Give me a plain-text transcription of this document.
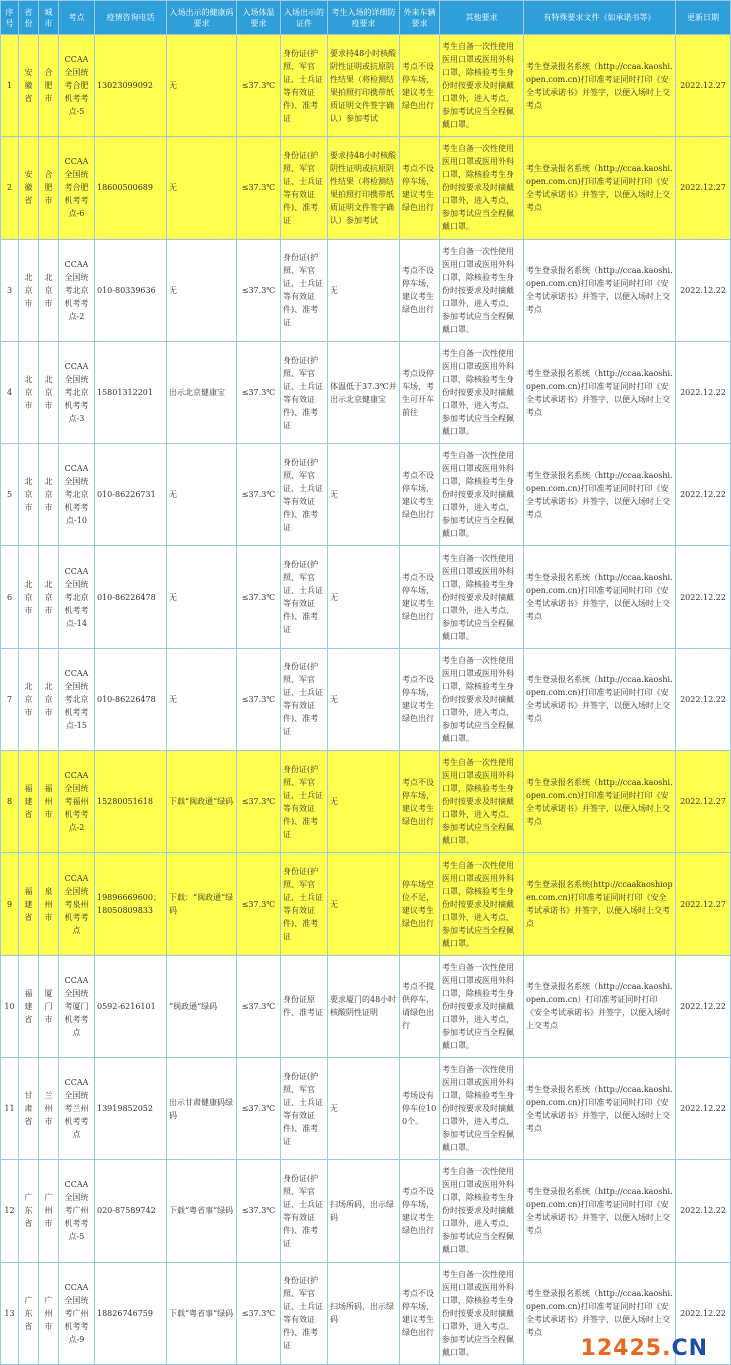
序号	省份	城市	考点	疫情咨询电话	入场出示的健康码要求	入场体温要求	入场出示的证件	考生入场的详细防疫要求	外来车辆要求	其他要求	有特殊要求文件（如承诺书等）	更新日期
1	安徽省	合肥市	CCAA全国统考合肥机考考点-5	13023099092	无	≤37.3℃	身份证(护照、军官证、士兵证等有效证件)、准考证	要求持48小时核酸阴性证明或抗原阴性结果（将检测结果拍照打印携带纸质证明文件签字确认）参加考试	考点不设停车场，建议考生绿色出行	考生自备一次性使用医用口罩或医用外科口罩，除核验考生身份时按要求及时摘戴口罩外，进入考点、参加考试应当全程佩戴口罩。	考生登录报名系统（http://ccaa.kaoshi.open.com.cn)打印准考证同时打印《安全考试承诺书》并签字，以便入场时上交考点	2022.12.27
2	安徽省	合肥市	CCAA全国统考合肥机考考点-6	18600500689	无	≤37.3℃	身份证(护照、军官证、士兵证等有效证件)、准考证	要求持48小时核酸阴性证明或抗原阴性结果（将检测结果拍照打印携带纸质证明文件签字确认）参加考试	考点不设停车场，建议考生绿色出行	考生自备一次性使用医用口罩或医用外科口罩，除核验考生身份时按要求及时摘戴口罩外，进入考点、参加考试应当全程佩戴口罩。	考生登录报名系统（http://ccaa.kaoshi.open.com.cn)打印准考证同时打印《安全考试承诺书》并签字，以便入场时上交考点	2022.12.27
3	北京市	北京市	CCAA全国统考北京机考考点-2	010-80339636	无	≤37.3℃	身份证(护照、军官证、士兵证等有效证件)、准考证	无	考点不设停车场，建议考生绿色出行	考生自备一次性使用医用口罩或医用外科口罩，除核验考生身份时按要求及时摘戴口罩外，进入考点、参加考试应当全程佩戴口罩。	考生登录报名系统（http://ccaa.kaoshi.open.com.cn)打印准考证同时打印《安全考试承诺书》并签字，以便入场时上交考点	2022.12.22
4	北京市	北京市	CCAA全国统考北京机考考点-3	15801312201	出示北京健康宝	≤37.3℃	身份证(护照、军官证、士兵证等有效证件)、准考证	体温低于37.3℃并出示北京健康宝	考点设停车场，考生可开车前往	考生自备一次性使用医用口罩或医用外科口罩，除核验考生身份时按要求及时摘戴口罩外，进入考点、参加考试应当全程佩戴口罩。	考生登录报名系统（http://ccaa.kaoshi.open.com.cn)打印准考证同时打印《安全考试承诺书》并签字，以便入场时上交考点	2022.12.22
5	北京市	北京市	CCAA全国统考北京机考考点-10	010-86226731	无	≤37.3℃	身份证(护照、军官证、士兵证等有效证件)、准考证	无	考点不设停车场，建议考生绿色出行	考生自备一次性使用医用口罩或医用外科口罩，除核验考生身份时按要求及时摘戴口罩外，进入考点、参加考试应当全程佩戴口罩。	考生登录报名系统（http://ccaa.kaoshi.open.com.cn)打印准考证同时打印《安全考试承诺书》并签字，以便入场时上交考点	2022.12.22
6	北京市	北京市	CCAA全国统考北京机考考点-14	010-86226478	无	≤37.3℃	身份证(护照、军官证、士兵证等有效证件)、准考证	无	考点不设停车场，建议考生绿色出行	考生自备一次性使用医用口罩或医用外科口罩，除核验考生身份时按要求及时摘戴口罩外，进入考点、参加考试应当全程佩戴口罩。	考生登录报名系统（http://ccaa.kaoshi.open.com.cn)打印准考证同时打印《安全考试承诺书》并签字，以便入场时上交考点	2022.12.22
7	北京市	北京市	CCAA全国统考北京机考考点-15	010-86226478	无	≤37.3℃	身份证(护照、军官证、士兵证等有效证件)、准考证	无	考点不设停车场，建议考生绿色出行	考生自备一次性使用医用口罩或医用外科口罩，除核验考生身份时按要求及时摘戴口罩外，进入考点、参加考试应当全程佩戴口罩。	考生登录报名系统（http://ccaa.kaoshi.open.com.cn)打印准考证同时打印《安全考试承诺书》并签字，以便入场时上交考点	2022.12.22
8	福建省	福州市	CCAA全国统考福州机考考点-2	15280051618	下载“闽政通”绿码	≤37.3℃	身份证(护照、军官证、士兵证等有效证件)、准考证	无	考点不设停车场，建议考生绿色出行	考生自备一次性使用医用口罩或医用外科口罩，除核验考生身份时按要求及时摘戴口罩外，进入考点、参加考试应当全程佩戴口罩。	考生登录报名系统（http://ccaa.kaoshi.open.com.cn)打印准考证同时打印《安全考试承诺书》并签字，以便入场时上交考点	2022.12.27
9	福建省	泉州市	CCAA全国统考泉州机考考点	19896669600；18050809833	下载：“闽政通”绿码	≤37.3℃	身份证(护照、军官证、士兵证等有效证件)、准考证	无	停车场空位不足，建议考生绿色出行	考生自备一次性使用医用口罩或医用外科口罩，除核验考生身份时按要求及时摘戴口罩外，进入考点、参加考试应当全程佩戴口罩。	考生登录报名系统(http://ccaakaoshiopen.com.cn)打印准考证同时打印《安全考试承诺书》并签字，以便入场时上交考点	2022.12.27
10	福建省	厦门市	CCAA全国统考厦门机考考点	0592-6216101	“闽政通”绿码	≤37.3℃	身份证原件、准考证	要求厦门的48小时核酸阴性证明	考点不提供停车，请绿色出行	考生自备一次性使用医用口罩或医用外科口罩，除核验考生身份时按要求及时摘戴口罩外，进入考点、参加考试应当全程佩戴口罩。	考生登录报名系统（http://ccaa.kaoshi.open.com.cn）打印准考证同时打印《安全考试承诺书》并签字，以便入场时上交考点	2022.12.22
11	甘肃省	兰州市	CCAA全国统考兰州机考考点	13919852052	出示甘肃健康码绿码	≤37.3℃	身份证(护照、军官证、士兵证等有效证件)、准考证	无	考场设有停车位100个。	考生自备一次性使用医用口罩或医用外科口罩，除核验考生身份时按要求及时摘戴口罩外，进入考点、参加考试应当全程佩戴口罩。	考生登录报名系统（http://ccaa.kaoshi.open.com.cn)打印准考证同时打印《安全考试承诺书》并签字，以便入场时上交考点	2022.12.22
12	广东省	广州市	CCAA全国统考广州机考考点-5	020-87589742	下载“粤省事”绿码	≤37.3℃	身份证(护照、军官证、士兵证等有效证件)、准考证	扫场所码，出示绿码	考点不设停车场，建议考生绿色出行	考生自备一次性使用医用口罩或医用外科口罩，除核验考生身份时按要求及时摘戴口罩外，进入考点、参加考试应当全程佩戴口罩。	考生登录报名系统（http://ccaa.kaoshi.open.com.cn)打印准考证同时打印《安全考试承诺书》并签字，以便入场时上交考点	2022.12.22
13	广东省	广州市	CCAA全国统考广州机考考点-9	18826746759	下载“粤省事”绿码	≤37.3℃	身份证(护照、军官证、士兵证等有效证件)、准考证	扫场所码，出示绿码	考点不设停车场，建议考生绿色出行	考生自备一次性使用医用口罩或医用外科口罩，除核验考生身份时按要求及时摘戴口罩外，进入考点、参加考试应当全程佩戴口罩。	考生登录报名系统（http://ccaa.kaoshi.open.com.cn)打印准考证同时打印《安全考试承诺书》并签字，以便入场时上交考点	2022.12.22
12425.CN
